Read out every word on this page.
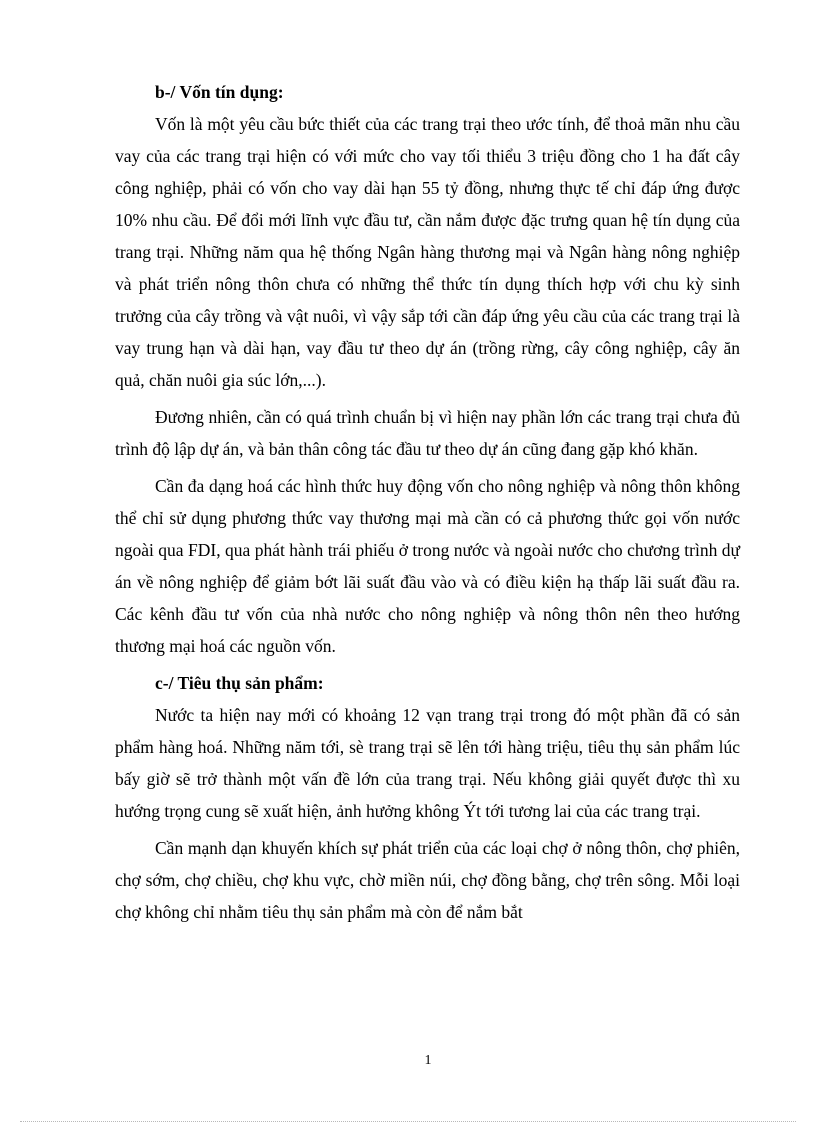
b-/ Vốn tín dụng:

Vốn là một yêu cầu bức thiết của các trang trại theo ước tính, để thoả mãn nhu cầu vay của các trang trại hiện có với mức cho vay tối thiểu 3 triệu đồng cho 1 ha đất cây công nghiệp, phải có vốn cho vay dài hạn 55 tỷ đồng, nhưng thực tế chỉ đáp ứng được 10% nhu cầu. Để đổi mới lĩnh vực đầu tư, cần nắm được đặc trưng quan hệ tín dụng của trang trại. Những năm qua hệ thống Ngân hàng thương mại và Ngân hàng nông nghiệp và phát triển nông thôn chưa có những thể thức tín dụng thích hợp với chu kỳ sinh trưởng của cây trồng và vật nuôi, vì vậy sắp tới cần đáp ứng yêu cầu của các trang trại là vay trung hạn và dài hạn, vay đầu tư theo dự án (trồng rừng, cây công nghiệp, cây ăn quả, chăn nuôi gia súc lớn,...).

Đương nhiên, cần có quá trình chuẩn bị vì hiện nay phần lớn các trang trại chưa đủ trình độ lập dự án, và bản thân công tác đầu tư theo dự án cũng đang gặp khó khăn.

Cần đa dạng hoá các hình thức huy động vốn cho nông nghiệp và nông thôn không thể chỉ sử dụng phương thức vay thương mại mà cần có cả phương thức gọi vốn nước ngoài qua FDI, qua phát hành trái phiếu ở trong nước và ngoài nước cho chương trình dự án về nông nghiệp để giảm bớt lãi suất đầu vào và có điều kiện hạ thấp lãi suất đầu ra. Các kênh đầu tư vốn của nhà nước cho nông nghiệp và nông thôn nên theo hướng thương mại hoá các nguồn vốn.

c-/ Tiêu thụ sản phẩm:

Nước ta hiện nay mới có khoảng 12 vạn trang trại trong đó một phần đã có sản phẩm hàng hoá. Những năm tới, sè trang trại sẽ lên tới hàng triệu, tiêu thụ sản phẩm lúc bấy giờ sẽ trở thành một vấn đề lớn của trang trại. Nếu không giải quyết được thì xu hướng trọng cung sẽ xuất hiện, ảnh hưởng không Ýt tới tương lai của các trang trại.

Cần mạnh dạn khuyến khích sự phát triển của các loại chợ ở nông thôn, chợ phiên, chợ sớm, chợ chiều, chợ khu vực, chờ miền núi, chợ đồng bằng, chợ trên sông. Mỗi loại chợ không chỉ nhằm tiêu thụ sản phẩm mà còn để nắm bắt

1
